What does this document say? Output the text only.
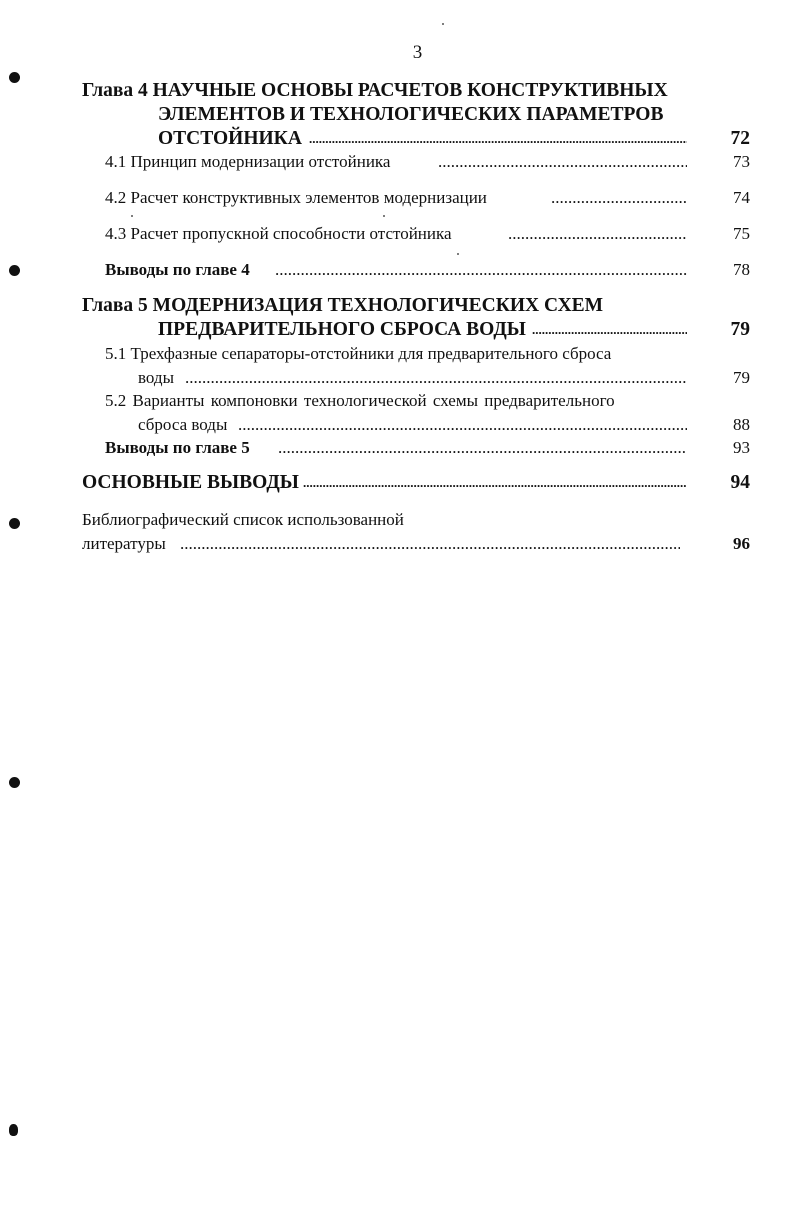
3
Глава 4 НАУЧНЫЕ ОСНОВЫ РАСЧЕТОВ КОНСТРУКТИВНЫХ
ЭЛЕМЕНТОВ И ТЕХНОЛОГИЧЕСКИХ ПАРАМЕТРОВ
ОТСТОЙНИКА .....	72
4.1 Принцип модернизации отстойника .....	73
4.2 Расчет конструктивных элементов модернизации .....	74
4.3 Расчет пропускной способности отстойника .....	75
Выводы по главе 4 .....	78
Глава 5 МОДЕРНИЗАЦИЯ ТЕХНОЛОГИЧЕСКИХ СХЕМ
ПРЕДВАРИТЕЛЬНОГО СБРОСА ВОДЫ .....	79
5.1 Трехфазные сепараторы-отстойники для предварительного сброса
воды .....	79
5.2 Варианты компоновки технологической схемы предварительного
сброса воды .....	88
Выводы по главе 5 .....	93
ОСНОВНЫЕ ВЫВОДЫ .....	94
Библиографический список использованной
литературы .....	96
